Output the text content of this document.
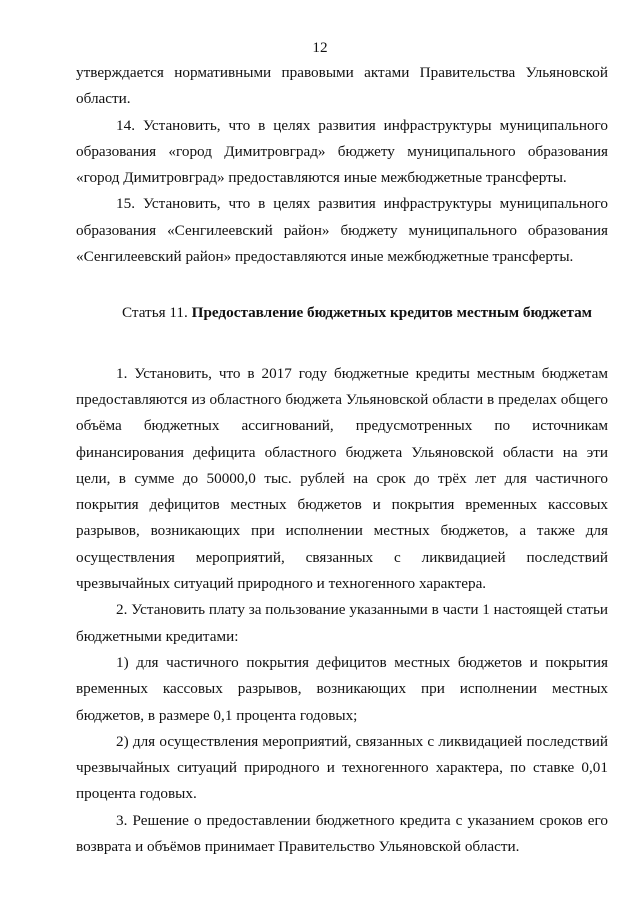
12

утверждается нормативными правовыми актами Правительства Ульяновской области.

14. Установить, что в целях развития инфраструктуры муниципального образования «город Димитровград» бюджету муниципального образования «город Димитровград» предоставляются иные межбюджетные трансферты.

15. Установить, что в целях развития инфраструктуры муниципального образования «Сенгилеевский район» бюджету муниципального образования «Сенгилеевский район» предоставляются иные межбюджетные трансферты.

Статья 11. Предоставление бюджетных кредитов местным бюджетам

1. Установить, что в 2017 году бюджетные кредиты местным бюджетам предоставляются из областного бюджета Ульяновской области в пределах общего объёма бюджетных ассигнований, предусмотренных по источникам финансирования дефицита областного бюджета Ульяновской области на эти цели, в сумме до 50000,0 тыс. рублей на срок до трёх лет для частичного покрытия дефицитов местных бюджетов и покрытия временных кассовых разрывов, возникающих при исполнении местных бюджетов, а также для осуществления мероприятий, связанных с ликвидацией последствий чрезвычайных ситуаций природного и техногенного характера.

2. Установить плату за пользование указанными в части 1 настоящей статьи бюджетными кредитами:

1) для частичного покрытия дефицитов местных бюджетов и покрытия временных кассовых разрывов, возникающих при исполнении местных бюджетов, в размере 0,1 процента годовых;

2) для осуществления мероприятий, связанных с ликвидацией последствий чрезвычайных ситуаций природного и техногенного характера, по ставке 0,01 процента годовых.

3. Решение о предоставлении бюджетного кредита с указанием сроков его возврата и объёмов принимает Правительство Ульяновской области.
